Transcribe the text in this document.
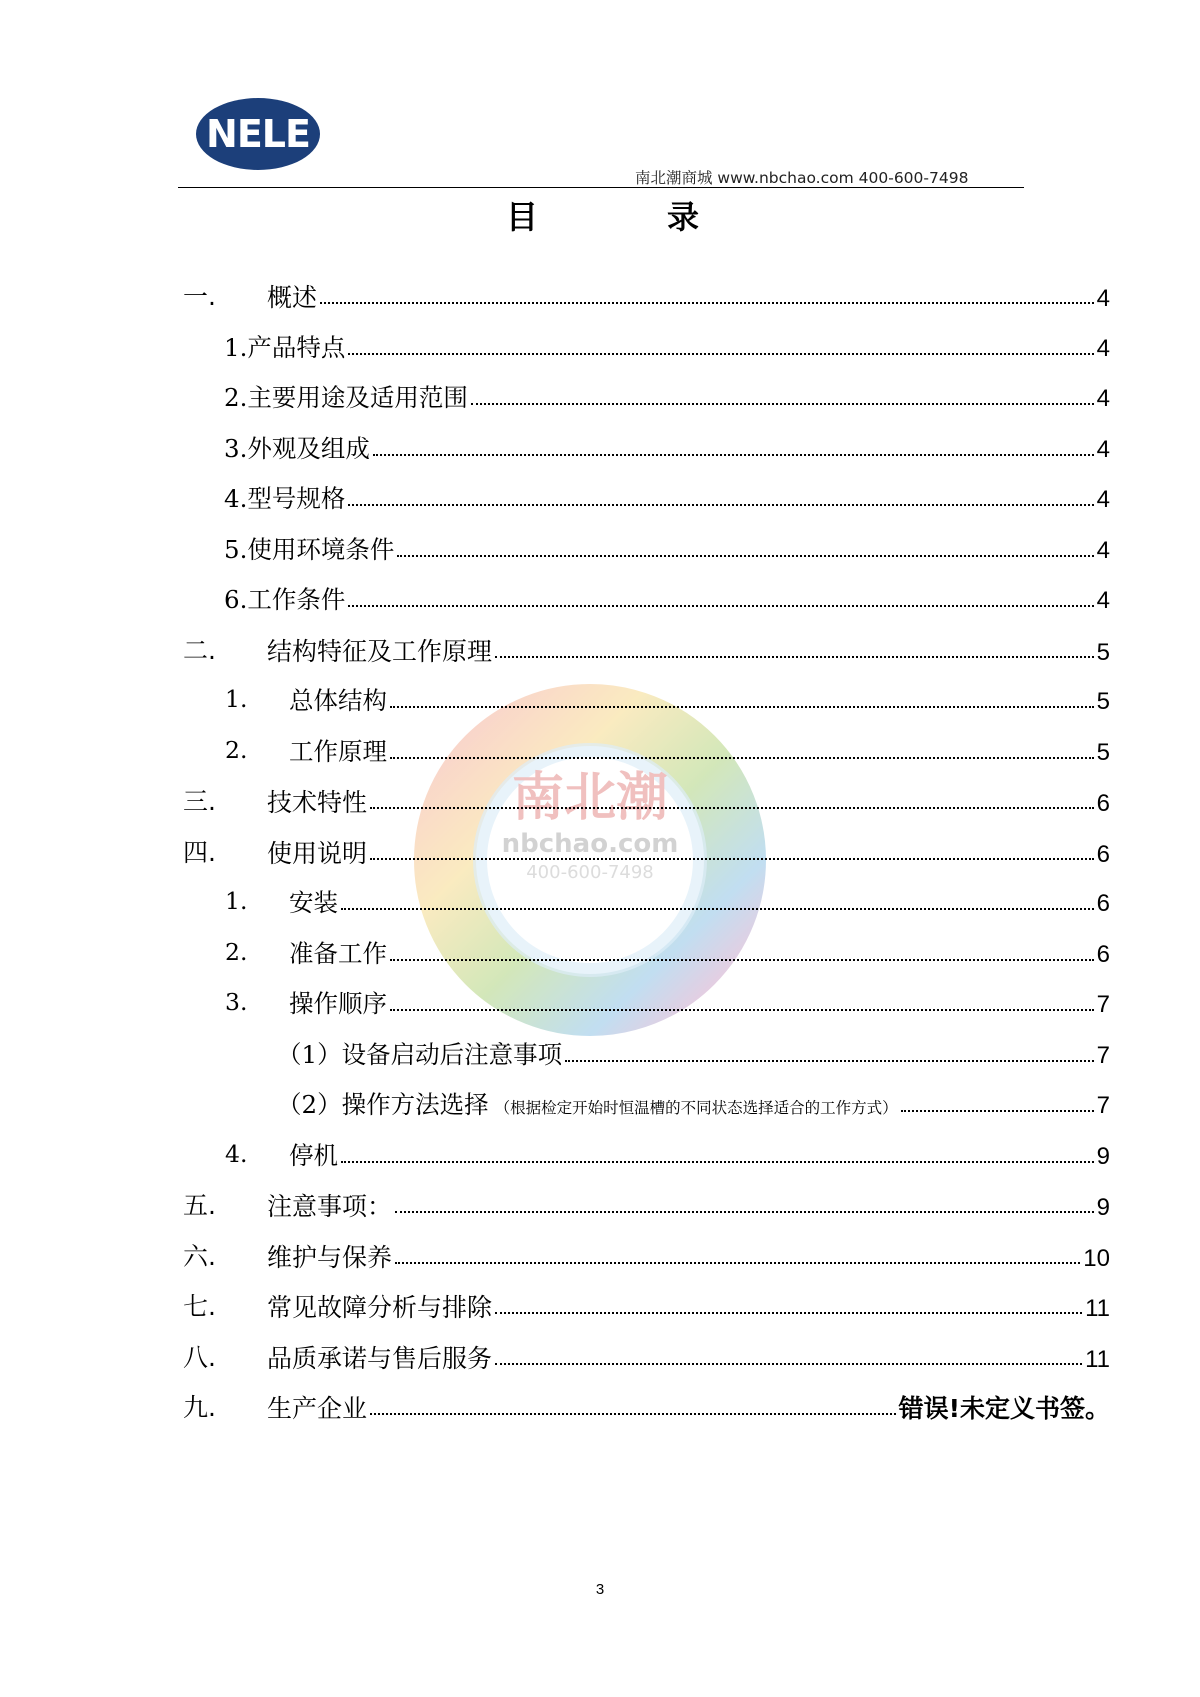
NELE
南北潮商城 www.nbchao.com 400-600-7498
目	录
南北潮
nbchao.com
400-600-7498
一. 概述	4
1.产品特点	4
2.主要用途及适用范围	4
3.外观及组成	4
4.型号规格	4
5.使用环境条件	4
6.工作条件	4
二. 结构特征及工作原理	5
1. 总体结构	5
2. 工作原理	5
三. 技术特性	6
四. 使用说明	6
1. 安装	6
2. 准备工作	6
3. 操作顺序	7
（1）设备启动后注意事项	7
（2）操作方法选择 （根据检定开始时恒温槽的不同状态选择适合的工作方式）	7
4. 停机	9
五. 注意事项：	9
六. 维护与保养	10
七. 常见故障分析与排除	11
八. 品质承诺与售后服务	11
九. 生产企业	错误!未定义书签。
3
